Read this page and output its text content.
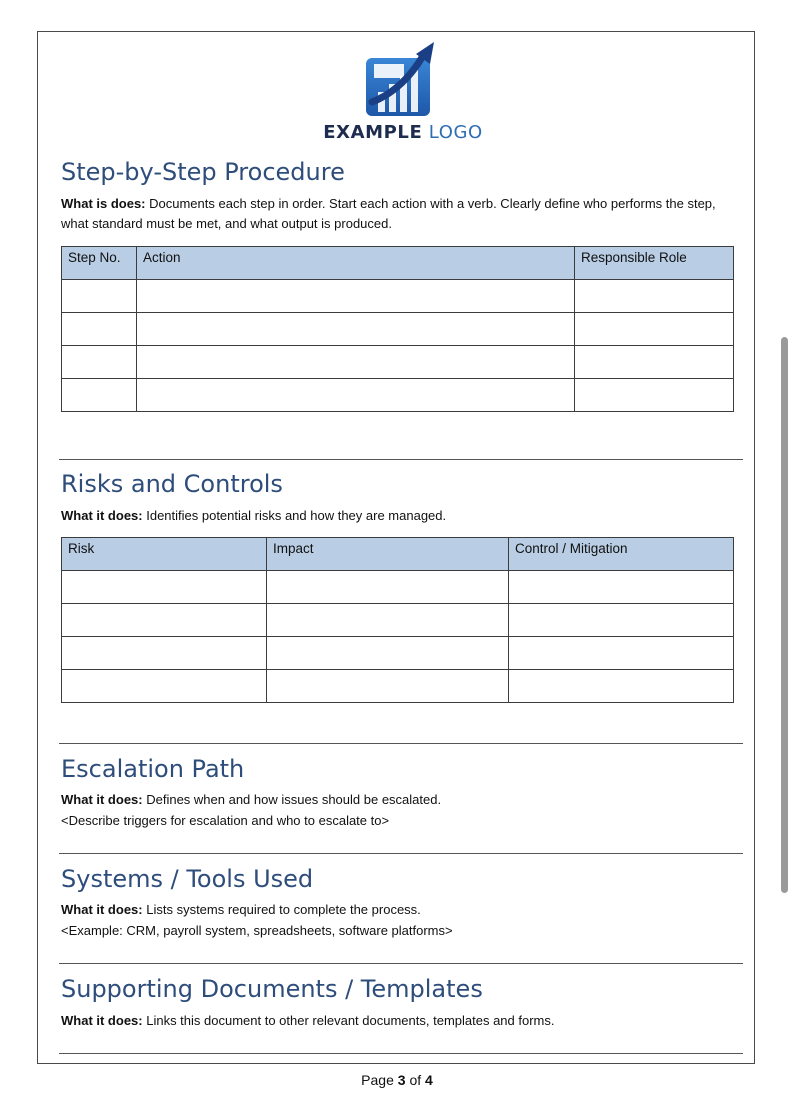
EXAMPLE LOGO
Step-by-Step Procedure
What is does: Documents each step in order. Start each action with a verb. Clearly define who performs the step, what standard must be met, and what output is produced.
Step No.	Action	Responsible Role

Risks and Controls
What it does: Identifies potential risks and how they are managed.
Risk	Impact	Control / Mitigation

Escalation Path
What it does: Defines when and how issues should be escalated.
<Describe triggers for escalation and who to escalate to>
Systems / Tools Used
What it does: Lists systems required to complete the process.
<Example: CRM, payroll system, spreadsheets, software platforms>
Supporting Documents / Templates
What it does: Links this document to other relevant documents, templates and forms.
Page 3 of 4
